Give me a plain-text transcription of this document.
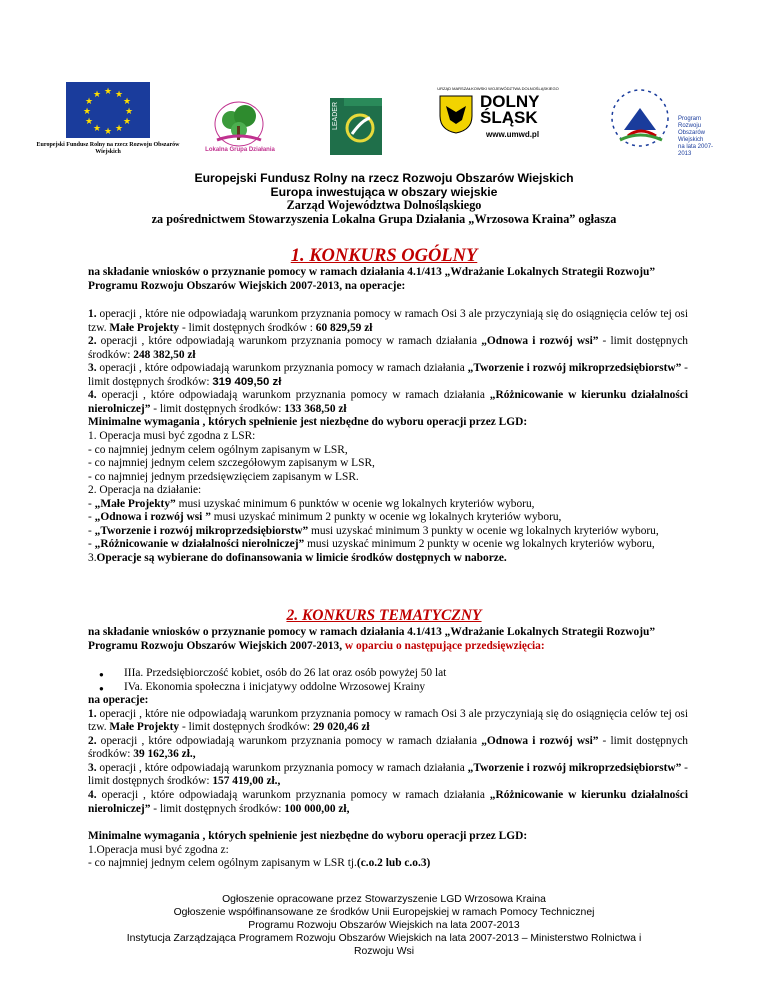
★ ★
★
★
★
★
★
★
★
★
★
★
Europejski Fundusz Rolny na rzecz Rozwoju Obszarów Wiejskich	Lokalna Grupa Działania
LEADER
URZĄD MARSZAŁKOWSKI WOJEWÓDZTWA DOLNOŚLĄSKIEGO
DOLNY
ŚLĄSK
www.umwd.pl
Program
Rozwoju
Obszarów
Wiejskich
na lata 2007-2013
Europejski Fundusz Rolny na rzecz Rozwoju Obszarów Wiejskich
Europa inwestująca w obszary wiejskie
Zarząd Województwa Dolnośląskiego
za pośrednictwem Stowarzyszenia Lokalna Grupa Działania „Wrzosowa Kraina” ogłasza
1. KONKURS OGÓLNY

na składanie wniosków o przyznanie pomocy w ramach działania 4.1/413 „Wdrażanie Lokalnych Strategii Rozwoju” Programu Rozwoju Obszarów Wiejskich 2007-2013, na operacje:

1. operacji , które nie odpowiadają warunkom przyznania pomocy w ramach Osi 3 ale przyczyniają się do osiągnięcia celów tej osi tzw. Małe Projekty - limit dostępnych środków : 60 829,59 zł

2. operacji , które odpowiadają warunkom przyznania pomocy w ramach działania „Odnowa i rozwój wsi” - limit dostępnych środków: 248 382,50 zł

3. operacji , które odpowiadają warunkom przyznania pomocy w ramach działania „Tworzenie i rozwój mikroprzedsiębiorstw” - limit dostępnych środków: 319 409,50 zł

4. operacji , które odpowiadają warunkom przyznania pomocy w ramach działania „Różnicowanie w kierunku działalności nierolniczej” - limit dostępnych środków: 133 368,50 zł

Minimalne wymagania , których spełnienie jest niezbędne do wyboru operacji przez LGD:

1. Operacja musi być zgodna z LSR:

- co najmniej jednym celem ogólnym zapisanym w LSR,

- co najmniej jednym celem szczegółowym zapisanym w LSR,

- co najmniej jednym przedsięwzięciem zapisanym w LSR.

2. Operacja na działanie:

- „Małe Projekty” musi uzyskać minimum 6 punktów w ocenie wg lokalnych kryteriów wyboru,

- „Odnowa i rozwój wsi ” musi uzyskać minimum 2 punkty w ocenie wg lokalnych kryteriów wyboru,

- „Tworzenie i rozwój mikroprzedsiębiorstw” musi uzyskać minimum 3 punkty w ocenie wg lokalnych kryteriów wyboru,

- „Różnicowanie w działalności nierolniczej” musi uzyskać minimum 2 punkty w ocenie wg lokalnych kryteriów wyboru,

3.Operacje są wybierane do dofinansowania w limicie środków dostępnych w naborze.

2. KONKURS TEMATYCZNY

na składanie wniosków o przyznanie pomocy w ramach działania 4.1/413 „Wdrażanie Lokalnych Strategii Rozwoju” Programu Rozwoju Obszarów Wiejskich 2007-2013, w oparciu o następujące przedsięwzięcia:

● IIIa. Przedsiębiorczość kobiet, osób do 26 lat oraz osób powyżej 50 lat
● IVa. Ekonomia społeczna i inicjatywy oddolne Wrzosowej Krainy

na operacje:

1. operacji , które nie odpowiadają warunkom przyznania pomocy w ramach Osi 3 ale przyczyniają się do osiągnięcia celów tej osi tzw. Małe Projekty - limit dostępnych środków: 29 020,46 zł

2. operacji , które odpowiadają warunkom przyznania pomocy w ramach działania „Odnowa i rozwój wsi” - limit dostępnych środków: 39 162,36 zł.,

3. operacji , które odpowiadają warunkom przyznania pomocy w ramach działania „Tworzenie i rozwój mikroprzedsiębiorstw” - limit dostępnych środków: 157 419,00 zł.,

4. operacji , które odpowiadają warunkom przyznania pomocy w ramach działania „Różnicowanie w kierunku działalności nierolniczej” - limit dostępnych środków: 100 000,00 zł,

Minimalne wymagania , których spełnienie jest niezbędne do wyboru operacji przez LGD:

1.Operacja musi być zgodna z:

- co najmniej jednym celem ogólnym zapisanym w LSR tj.(c.o.2 lub c.o.3)

Ogłoszenie opracowane przez Stowarzyszenie LGD Wrzosowa Kraina
Ogłoszenie współfinansowane ze środków Unii Europejskiej w ramach Pomocy Technicznej
Programu Rozwoju Obszarów Wiejskich na lata 2007-2013
Instytucja Zarządzająca Programem Rozwoju Obszarów Wiejskich na lata 2007-2013 – Ministerstwo Rolnictwa i
Rozwoju Wsi
